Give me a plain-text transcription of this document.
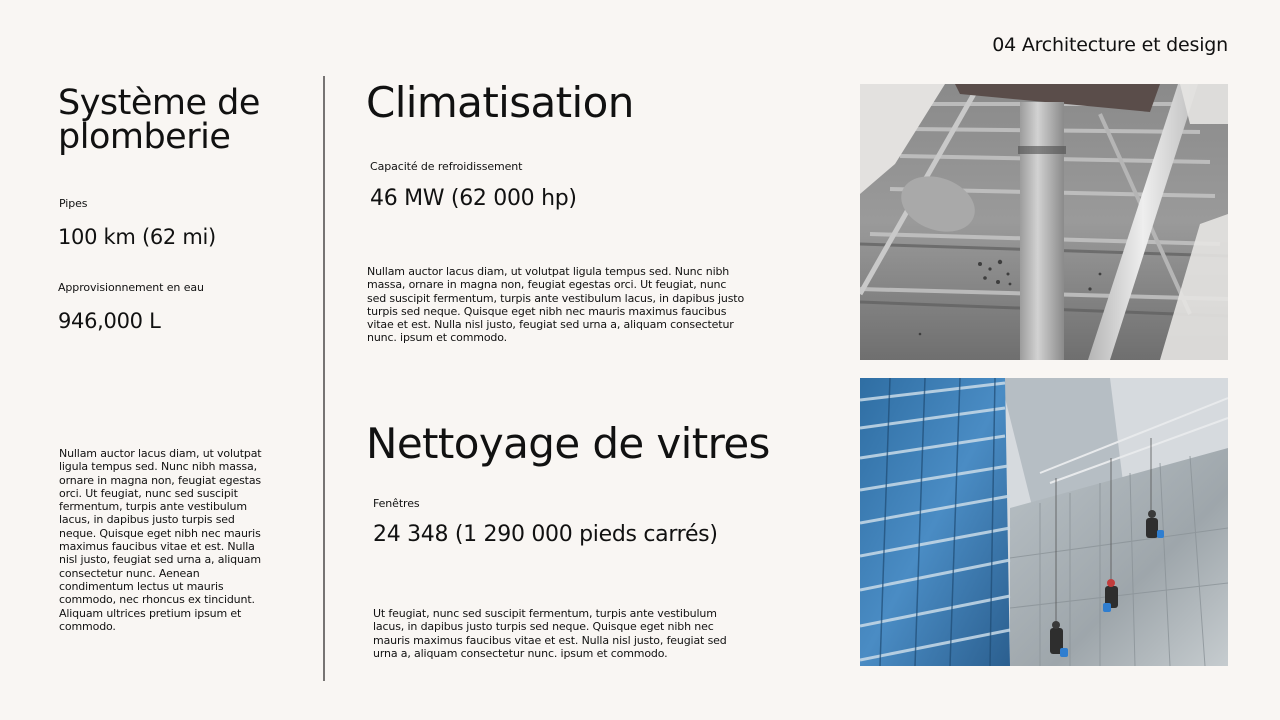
04 Architecture et design
Système de plomberie
Pipes
100 km (62 mi)
Approvisionnement en eau
946,000 L

Nullam auctor lacus diam, ut volutpat ligula tempus sed. Nunc nibh massa, ornare in magna non, feugiat egestas orci. Ut feugiat, nunc sed suscipit fermentum, turpis ante vestibulum lacus, in dapibus justo turpis sed neque. Quisque eget nibh nec mauris maximus faucibus vitae et est. Nulla nisl justo, feugiat sed urna a, aliquam consectetur nunc. Aenean condimentum lectus ut mauris commodo, nec rhoncus ex tincidunt. Aliquam ultrices pretium ipsum et commodo.

Climatisation
Capacité de refroidissement
46 MW (62 000 hp)

Nullam auctor lacus diam, ut volutpat ligula tempus sed. Nunc nibh massa, ornare in magna non, feugiat egestas orci. Ut feugiat, nunc sed suscipit fermentum, turpis ante vestibulum lacus, in dapibus justo turpis sed neque. Quisque eget nibh nec mauris maximus faucibus vitae et est. Nulla nisl justo, feugiat sed urna a, aliquam consectetur nunc. ipsum et commodo.

Nettoyage de vitres
Fenêtres
24 348 (1 290 000 pieds carrés)

Ut feugiat, nunc sed suscipit fermentum, turpis ante vestibulum lacus, in dapibus justo turpis sed neque. Quisque eget nibh nec mauris maximus faucibus vitae et est. Nulla nisl justo, feugiat sed urna a, aliquam consectetur nunc. ipsum et commodo.
